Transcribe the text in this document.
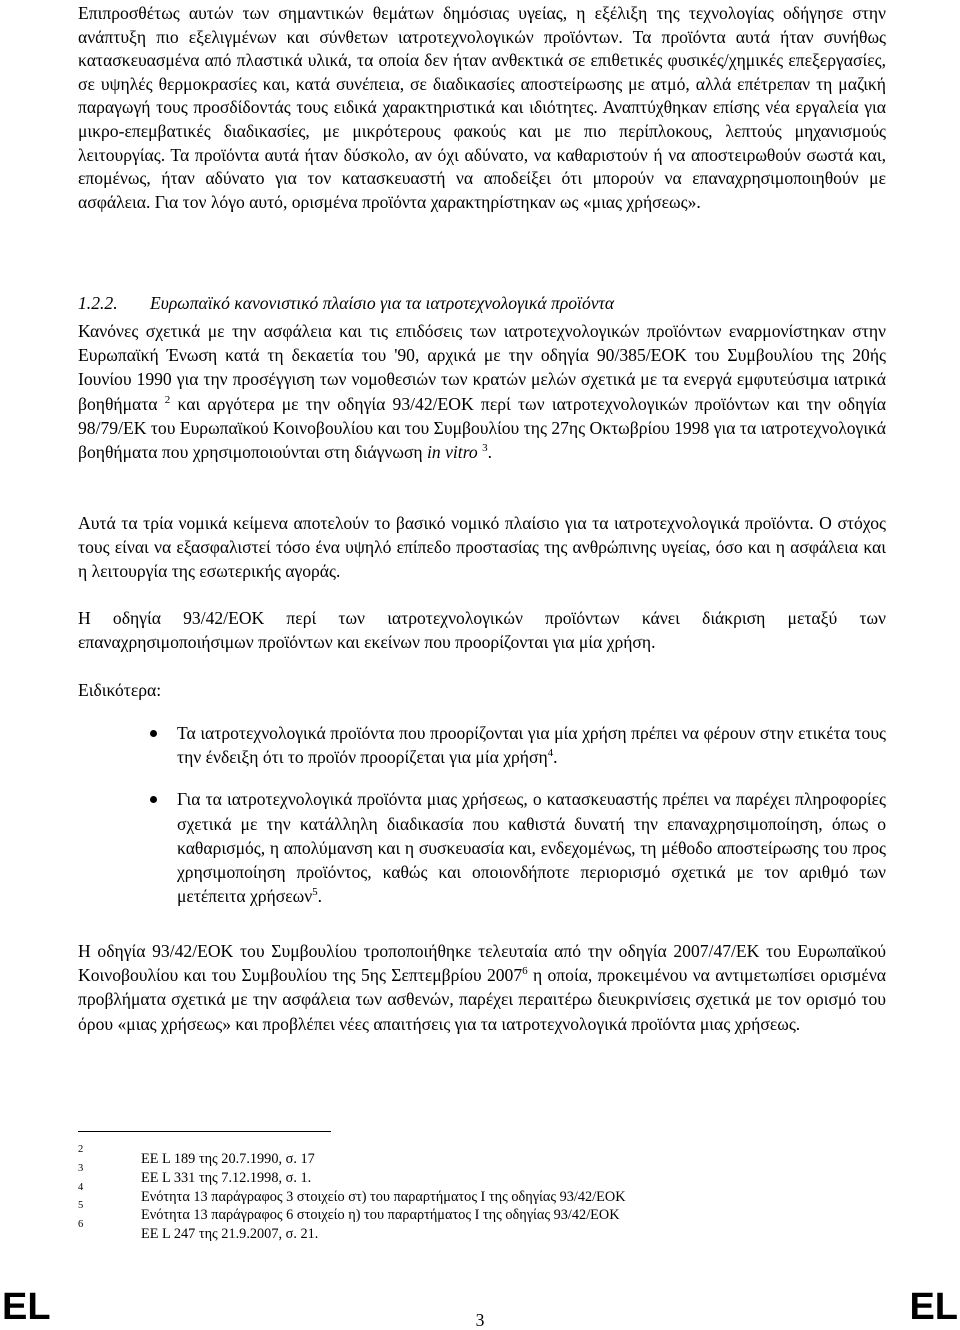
Επιπροσθέτως αυτών των σημαντικών θεμάτων δημόσιας υγείας, η εξέλιξη της τεχνολογίας οδήγησε στην ανάπτυξη πιο εξελιγμένων και σύνθετων ιατροτεχνολογικών προϊόντων. Τα προϊόντα αυτά ήταν συνήθως κατασκευασμένα από πλαστικά υλικά, τα οποία δεν ήταν ανθεκτικά σε επιθετικές φυσικές/χημικές επεξεργασίες, σε υψηλές θερμοκρασίες και, κατά συνέπεια, σε διαδικασίες αποστείρωσης με ατμό, αλλά επέτρεπαν τη μαζική παραγωγή τους προσδίδοντάς τους ειδικά χαρακτηριστικά και ιδιότητες. Αναπτύχθηκαν επίσης νέα εργαλεία για μικρο-επεμβατικές διαδικασίες, με μικρότερους φακούς και με πιο περίπλοκους, λεπτούς μηχανισμούς λειτουργίας. Τα προϊόντα αυτά ήταν δύσκολο, αν όχι αδύνατο, να καθαριστούν ή να αποστειρωθούν σωστά και, επομένως, ήταν αδύνατο για τον κατασκευαστή να αποδείξει ότι μπορούν να επαναχρησιμοποιηθούν με ασφάλεια. Για τον λόγο αυτό, ορισμένα προϊόντα χαρακτηρίστηκαν ως «μιας χρήσεως».

1.2.2. Ευρωπαϊκό κανονιστικό πλαίσιο για τα ιατροτεχνολογικά προϊόντα

Κανόνες σχετικά με την ασφάλεια και τις επιδόσεις των ιατροτεχνολογικών προϊόντων εναρμονίστηκαν στην Ευρωπαϊκή Ένωση κατά τη δεκαετία του '90, αρχικά με την οδηγία 90/385/ΕΟΚ του Συμβουλίου της 20ής Ιουνίου 1990 για την προσέγγιση των νομοθεσιών των κρατών μελών σχετικά με τα ενεργά εμφυτεύσιμα ιατρικά βοηθήματα $^2$ και αργότερα με την οδηγία 93/42/ΕΟΚ περί των ιατροτεχνολογικών προϊόντων και την οδηγία 98/79/ΕΚ του Ευρωπαϊκού Κοινοβουλίου και του Συμβουλίου της 27ης Οκτωβρίου 1998 για τα ιατροτεχνολογικά βοηθήματα που χρησιμοποιούνται στη διάγνωση in vitro $^3$.

Αυτά τα τρία νομικά κείμενα αποτελούν το βασικό νομικό πλαίσιο για τα ιατροτεχνολογικά προϊόντα. Ο στόχος τους είναι να εξασφαλιστεί τόσο ένα υψηλό επίπεδο προστασίας της ανθρώπινης υγείας, όσο και η ασφάλεια και η λειτουργία της εσωτερικής αγοράς.

Η οδηγία 93/42/ΕΟΚ περί των ιατροτεχνολογικών προϊόντων κάνει διάκριση μεταξύ των επαναχρησιμοποιήσιμων προϊόντων και εκείνων που προορίζονται για μία χρήση.

Ειδικότερα:

Τα ιατροτεχνολογικά προϊόντα που προορίζονται για μία χρήση πρέπει να φέρουν στην ετικέτα τους την ένδειξη ότι το προϊόν προορίζεται για μία χρήση$^4$.
Για τα ιατροτεχνολογικά προϊόντα μιας χρήσεως, ο κατασκευαστής πρέπει να παρέχει πληροφορίες σχετικά με την κατάλληλη διαδικασία που καθιστά δυνατή την επαναχρησιμοποίηση, όπως ο καθαρισμός, η απολύμανση και η συσκευασία και, ενδεχομένως, τη μέθοδο αποστείρωσης του προς χρησιμοποίηση προϊόντος, καθώς και οποιονδήποτε περιορισμό σχετικά με τον αριθμό των μετέπειτα χρήσεων$^5$.

Η οδηγία 93/42/ΕΟΚ του Συμβουλίου τροποποιήθηκε τελευταία από την οδηγία 2007/47/ΕΚ του Ευρωπαϊκού Κοινοβουλίου και του Συμβουλίου της 5ης Σεπτεμβρίου 2007$^6$ η οποία, προκειμένου να αντιμετωπίσει ορισμένα προβλήματα σχετικά με την ασφάλεια των ασθενών, παρέχει περαιτέρω διευκρινίσεις σχετικά με τον ορισμό του όρου «μιας χρήσεως» και προβλέπει νέες απαιτήσεις για τα ιατροτεχνολογικά προϊόντα μιας χρήσεως.

2
ΕΕ L 189 της 20.7.1990, σ. 17
3
ΕΕ L 331 της 7.12.1998, σ. 1.
4
Ενότητα 13 παράγραφος 3 στοιχείο στ) του παραρτήματος I της οδηγίας 93/42/ΕΟΚ
5
Ενότητα 13 παράγραφος 6 στοιχείο η) του παραρτήματος I της οδηγίας 93/42/ΕΟΚ
6
ΕΕ L 247 της 21.9.2007, σ. 21.
EL	3	EL
